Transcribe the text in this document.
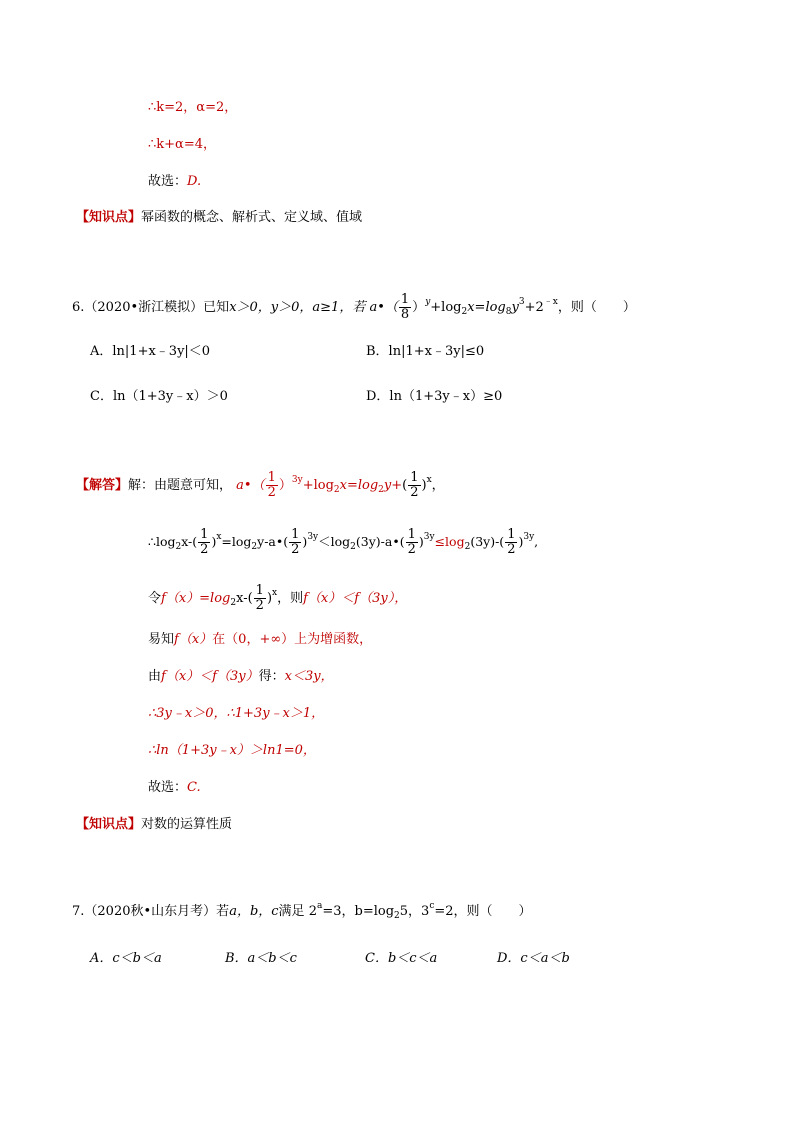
∴k=2，α=2，
∴k+α=4，
故选：D.
【知识点】幂函数的概念、解析式、定义域、值域
6.（2020•浙江模拟）已知x＞0，y＞0，a≥1，若 a•（ $\frac{1}{8} )^y+\log_2x=\log_8y^3+2^{﹣x}$，则（　　）
A．ln|1+x﹣3y|＜0	B．ln|1+x﹣3y|≤0
C．ln（1+3y﹣x）＞0	D．ln（1+3y﹣x）≥0
【解答】解：由题意可知， a•（ $\frac{1}{2} )^{3y}+\log_2x=\log_2y+( \frac{1}{2} )^x$，
$\therefore\log_2x-( \frac{1}{2}$ )$^x=\log_2y-a•( \frac{1}{2}$ )$^{3y}<\log_2(3y)-a•( \frac{1}{2} )^{3y}\le\log_2(3y)-( \frac{1}{2} )^{3y}$,
令$f(x)=\log_2x-( \frac{1}{2} )^x$，则f（x）＜f（3y），
易知f（x）在（0，+∞）上为增函数，
由f（x）＜f（3y）得：x＜3y，
∴3y﹣x＞0，∴1+3y﹣x＞1，
∴ln（1+3y﹣x）＞ln1=0，
故选：C.
【知识点】对数的运算性质
7.（2020秋•山东月考）若a，b，c满足 $2^a=3$，$b=\log_25$，$3^c=2$，则（　　）
A．c＜b＜a	B．a＜b＜c	C．b＜c＜a	D．c＜a＜b
